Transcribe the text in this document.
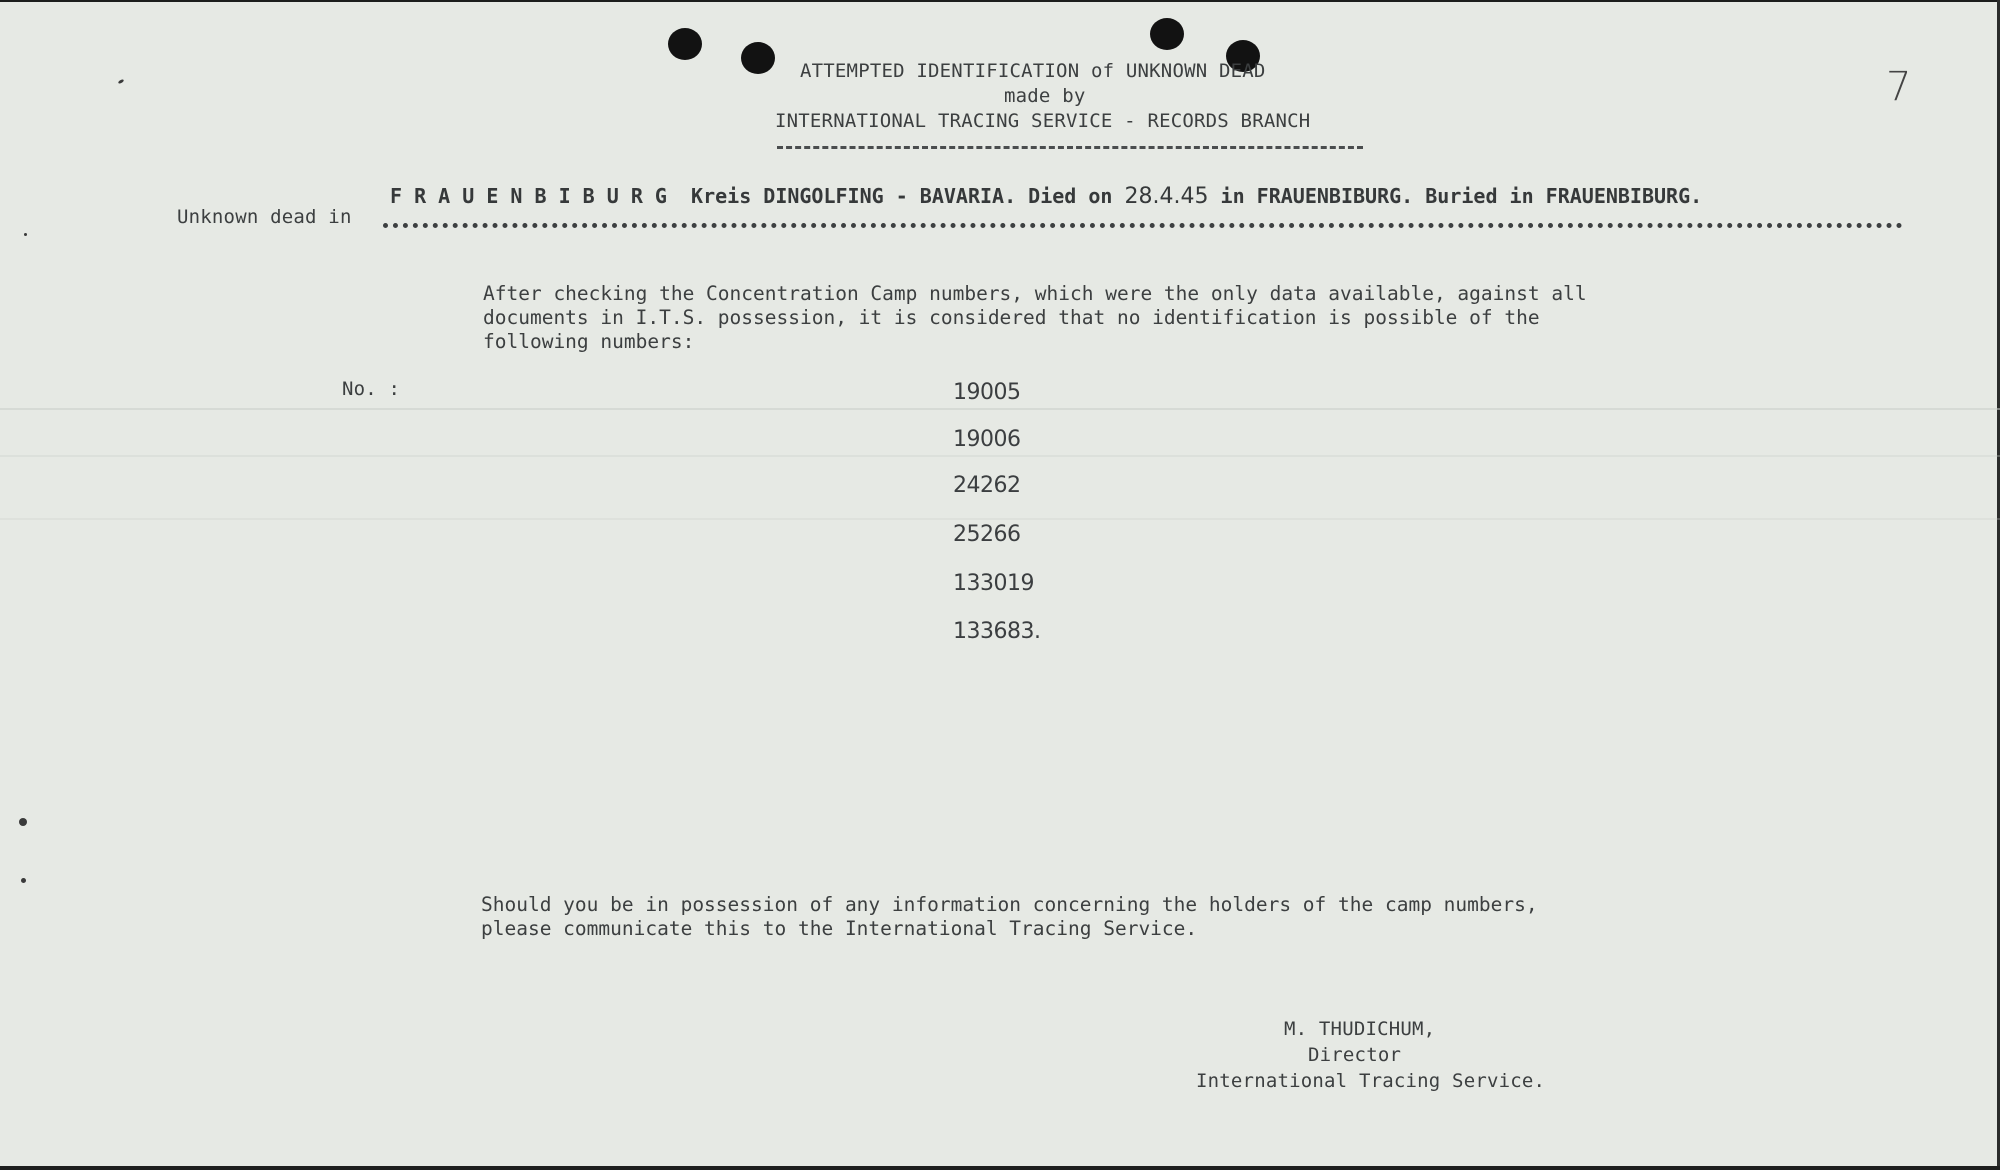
ATTEMPTED IDENTIFICATION of UNKNOWN DEAD
made by
INTERNATIONAL TRACING SERVICE - RECORDS BRANCH
7
F R A U E N B I B U R G  Kreis DINGOLFING - BAVARIA. Died on 28.4.45 in FRAUENBIBURG. Buried in FRAUENBIBURG.
Unknown dead in
After checking the Concentration Camp numbers, which were the only data available, against all
documents in I.T.S. possession, it is considered that no identification is possible of the
following numbers:
No. :	19005
19006
24262
25266
133019
133683.
Should you be in possession of any information concerning the holders of the camp numbers,
please communicate this to the International Tracing Service.
M. THUDICHUM,
Director
International Tracing Service.
